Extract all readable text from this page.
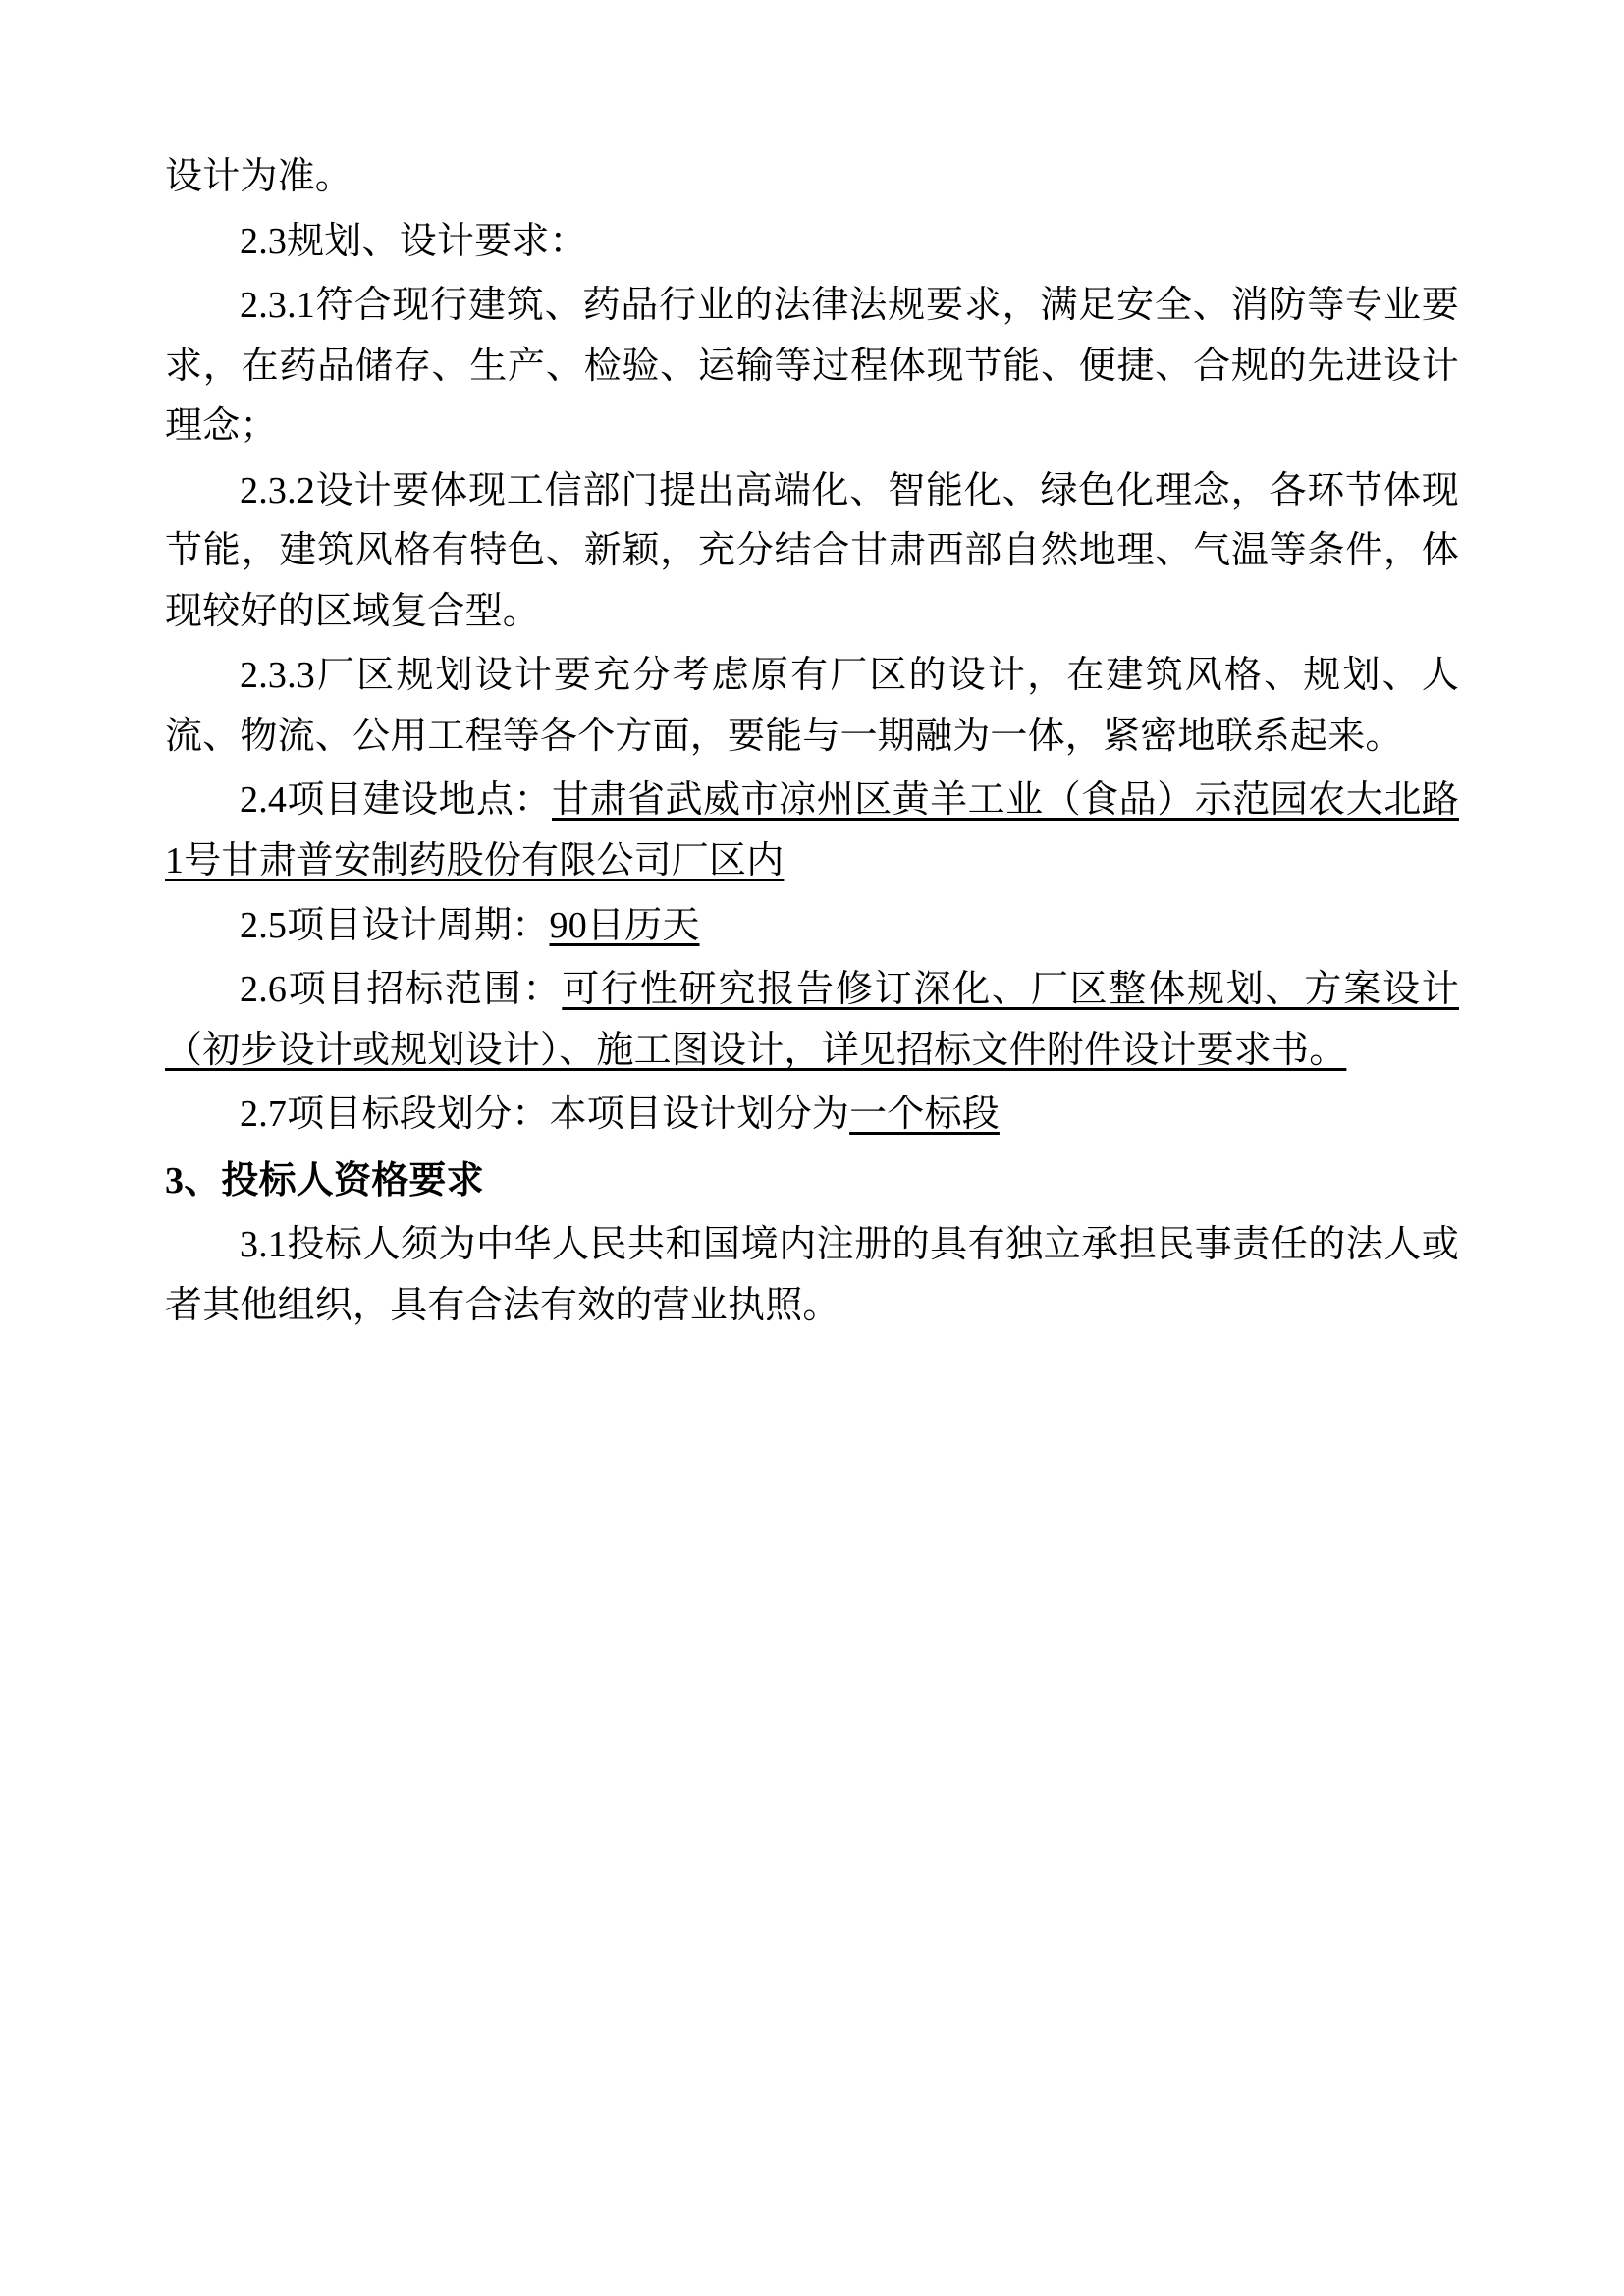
设计为准。

2.3规划、设计要求：

2.3.1符合现行建筑、药品行业的法律法规要求，满足安全、消防等专业要求，在药品储存、生产、检验、运输等过程体现节能、便捷、合规的先进设计理念；

2.3.2设计要体现工信部门提出高端化、智能化、绿色化理念，各环节体现节能，建筑风格有特色、新颖，充分结合甘肃西部自然地理、气温等条件，体现较好的区域复合型。

2.3.3厂区规划设计要充分考虑原有厂区的设计，在建筑风格、规划、人流、物流、公用工程等各个方面，要能与一期融为一体，紧密地联系起来。

2.4项目建设地点：甘肃省武威市凉州区黄羊工业（食品）示范园农大北路1号甘肃普安制药股份有限公司厂区内

2.5项目设计周期：90日历天

2.6项目招标范围：可行性研究报告修订深化、厂区整体规划、方案设计（初步设计或规划设计）、施工图设计，详见招标文件附件设计要求书。

2.7项目标段划分：本项目设计划分为一个标段

3、投标人资格要求

3.1投标人须为中华人民共和国境内注册的具有独立承担民事责任的法人或者其他组织，具有合法有效的营业执照。
